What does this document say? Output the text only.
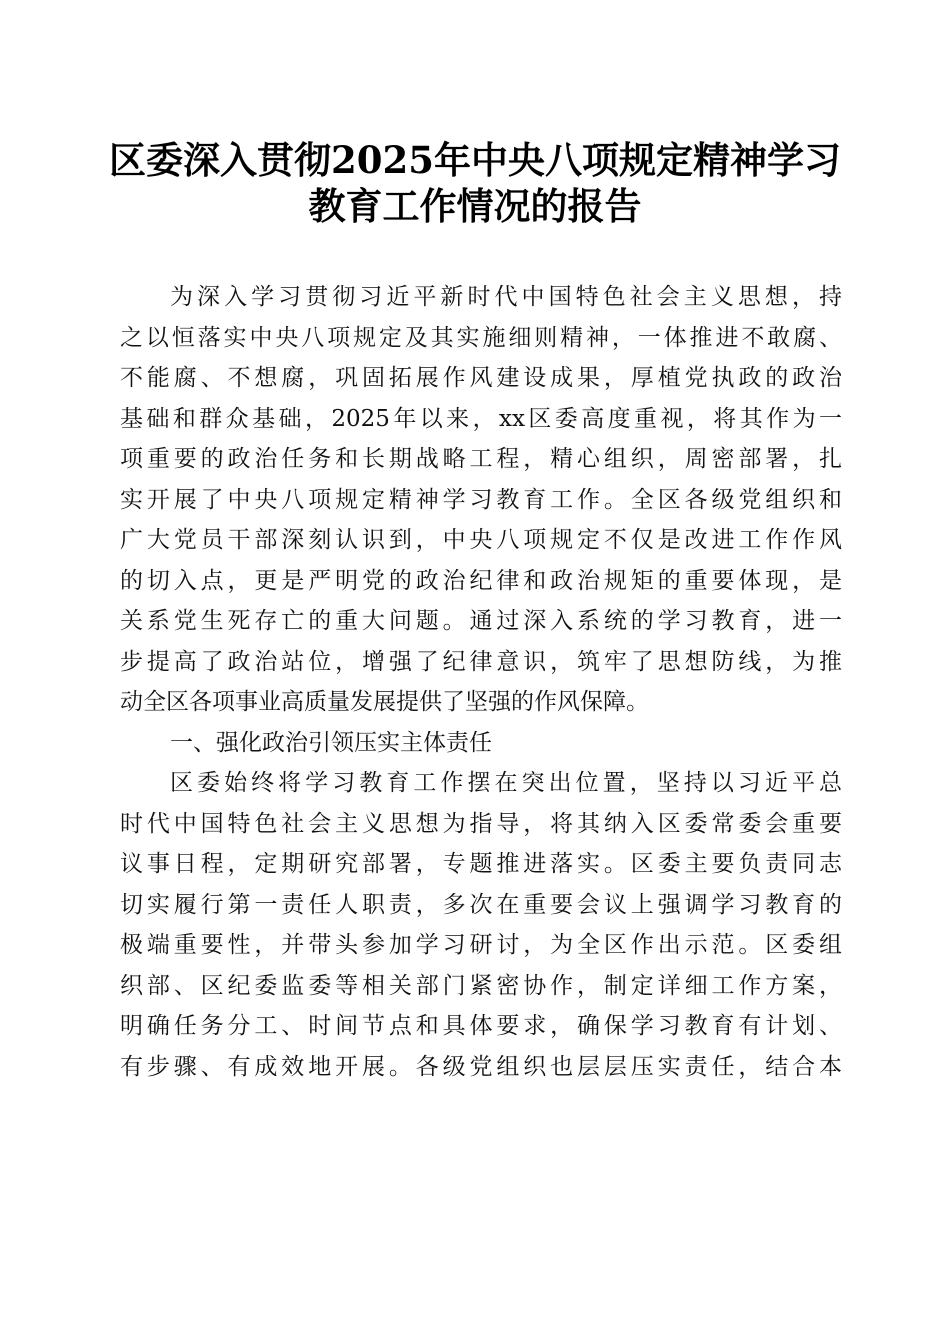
区委深入贯彻2025年中央八项规定精神学习
教育工作情况的报告
为深入学习贯彻习近平新时代中国特色社会主义思想，持
之以恒落实中央八项规定及其实施细则精神，一体推进不敢腐、
不能腐、不想腐，巩固拓展作风建设成果，厚植党执政的政治
基础和群众基础，2025年以来，xx区委高度重视，将其作为一
项重要的政治任务和长期战略工程，精心组织，周密部署，扎
实开展了中央八项规定精神学习教育工作。全区各级党组织和
广大党员干部深刻认识到，中央八项规定不仅是改进工作作风
的切入点，更是严明党的政治纪律和政治规矩的重要体现，是
关系党生死存亡的重大问题。通过深入系统的学习教育，进一
步提高了政治站位，增强了纪律意识，筑牢了思想防线，为推
动全区各项事业高质量发展提供了坚强的作风保障。
一、强化政治引领压实主体责任
区委始终将学习教育工作摆在突出位置，坚持以习近平总
时代中国特色社会主义思想为指导，将其纳入区委常委会重要
议事日程，定期研究部署，专题推进落实。区委主要负责同志
切实履行第一责任人职责，多次在重要会议上强调学习教育的
极端重要性，并带头参加学习研讨，为全区作出示范。区委组
织部、区纪委监委等相关部门紧密协作，制定详细工作方案，
明确任务分工、时间节点和具体要求，确保学习教育有计划、
有步骤、有成效地开展。各级党组织也层层压实责任，结合本
